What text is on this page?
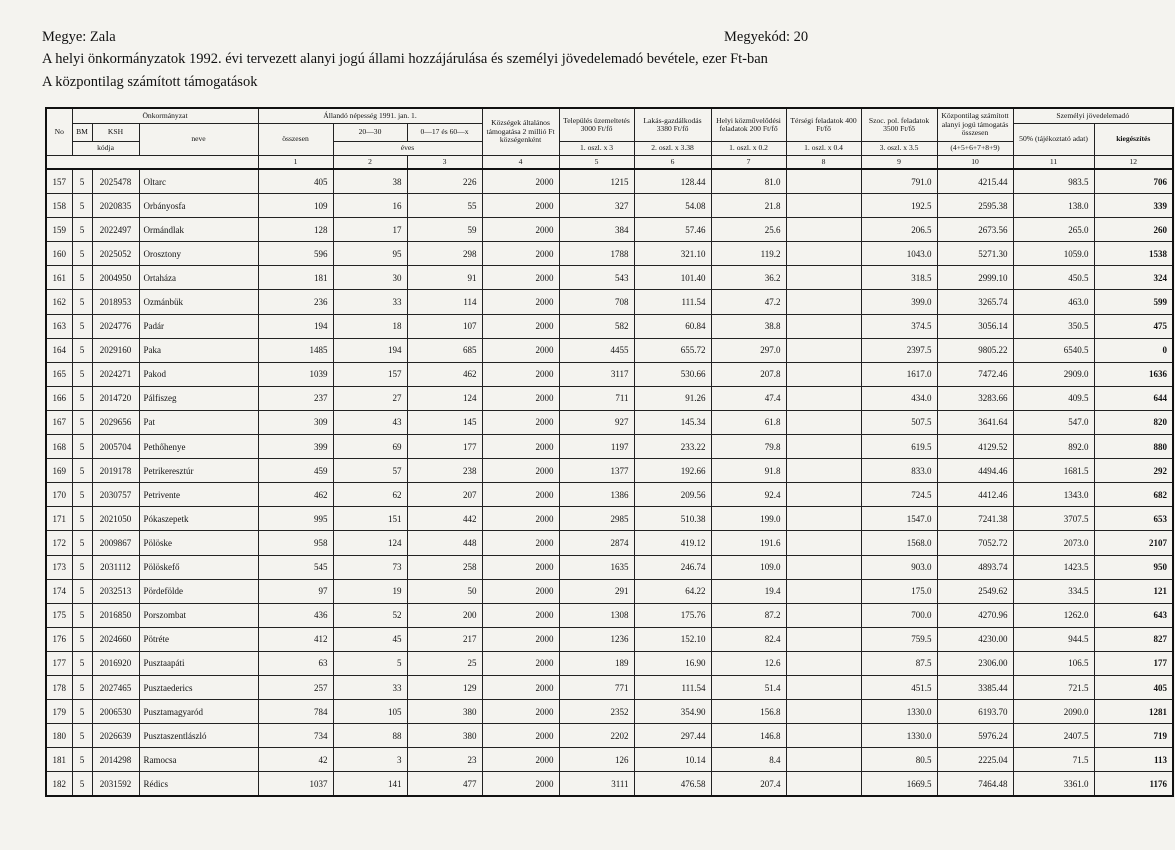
Megye: Zala	Megyekód: 20
A helyi önkormányzatok 1992. évi tervezett alanyi jogú állami hozzájárulása és személyi jövedelemadó bevétele, ezer Ft-ban
A központilag számított támogatások
No	Önkormányzat			Állandó népesség 1991. jan. 1.			Községek általános támogatása 2 millió Ft községenként	Település üzemeltetés 3000 Ft/fő	Lakás-gazdálkodás 3380 Ft/fő	Helyi közművelődési feladatok 200 Ft/fő	Térségi feladatok 400 Ft/fő	Szoc. pol. feladatok 3500 Ft/fő	Központilag számított alanyi jogú támogatás összesen	Személyi jövedelemadó	
	BM	KSH	neve	összesen	20—30	0—17 és 60—x								50% (tájékoztató adat)	kiegészítés
	kódja				éves			1. oszl. x 3	2. oszl. x 3.38	1. oszl. x 0.2	1. oszl. x 0.4	3. oszl. x 3.5	(4+5+6+7+8+9)		
				1	2	3	4	5	6	7	8	9	10	11	12
157	5	2025478	Oltarc	405	38	226	2000	1215	128.44	81.0		791.0	4215.44	983.5	706
158	5	2020835	Orbányosfa	109	16	55	2000	327	54.08	21.8		192.5	2595.38	138.0	339
159	5	2022497	Ormándlak	128	17	59	2000	384	57.46	25.6		206.5	2673.56	265.0	260
160	5	2025052	Orosztony	596	95	298	2000	1788	321.10	119.2		1043.0	5271.30	1059.0	1538
161	5	2004950	Ortaháza	181	30	91	2000	543	101.40	36.2		318.5	2999.10	450.5	324
162	5	2018953	Ozmánbük	236	33	114	2000	708	111.54	47.2		399.0	3265.74	463.0	599
163	5	2024776	Padár	194	18	107	2000	582	60.84	38.8		374.5	3056.14	350.5	475
164	5	2029160	Paka	1485	194	685	2000	4455	655.72	297.0		2397.5	9805.22	6540.5	0
165	5	2024271	Pakod	1039	157	462	2000	3117	530.66	207.8		1617.0	7472.46	2909.0	1636
166	5	2014720	Pálfiszeg	237	27	124	2000	711	91.26	47.4		434.0	3283.66	409.5	644
167	5	2029656	Pat	309	43	145	2000	927	145.34	61.8		507.5	3641.64	547.0	820
168	5	2005704	Pethőhenye	399	69	177	2000	1197	233.22	79.8		619.5	4129.52	892.0	880
169	5	2019178	Petrikeresztúr	459	57	238	2000	1377	192.66	91.8		833.0	4494.46	1681.5	292
170	5	2030757	Petrivente	462	62	207	2000	1386	209.56	92.4		724.5	4412.46	1343.0	682
171	5	2021050	Pókaszepetk	995	151	442	2000	2985	510.38	199.0		1547.0	7241.38	3707.5	653
172	5	2009867	Pölöske	958	124	448	2000	2874	419.12	191.6		1568.0	7052.72	2073.0	2107
173	5	2031112	Pölöskefő	545	73	258	2000	1635	246.74	109.0		903.0	4893.74	1423.5	950
174	5	2032513	Pördefölde	97	19	50	2000	291	64.22	19.4		175.0	2549.62	334.5	121
175	5	2016850	Porszombat	436	52	200	2000	1308	175.76	87.2		700.0	4270.96	1262.0	643
176	5	2024660	Pötréte	412	45	217	2000	1236	152.10	82.4		759.5	4230.00	944.5	827
177	5	2016920	Pusztaapáti	63	5	25	2000	189	16.90	12.6		87.5	2306.00	106.5	177
178	5	2027465	Pusztaederics	257	33	129	2000	771	111.54	51.4		451.5	3385.44	721.5	405
179	5	2006530	Pusztamagyaród	784	105	380	2000	2352	354.90	156.8		1330.0	6193.70	2090.0	1281
180	5	2026639	Pusztaszentlászló	734	88	380	2000	2202	297.44	146.8		1330.0	5976.24	2407.5	719
181	5	2014298	Ramocsa	42	3	23	2000	126	10.14	8.4		80.5	2225.04	71.5	113
182	5	2031592	Rédics	1037	141	477	2000	3111	476.58	207.4		1669.5	7464.48	3361.0	1176
